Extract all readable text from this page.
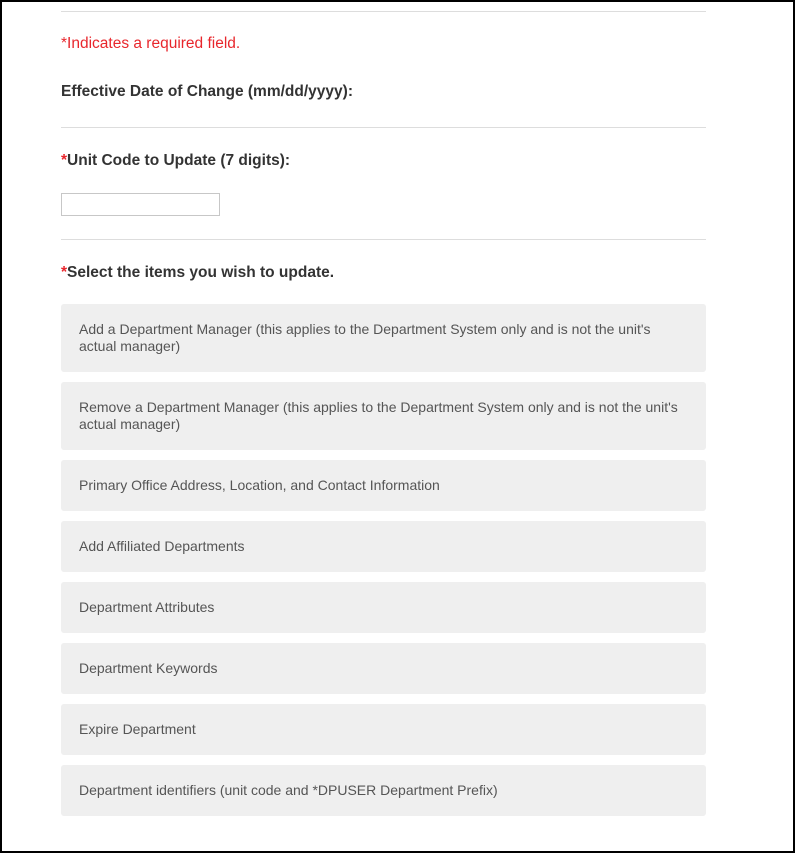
*Indicates a required field.
Effective Date of Change (mm/dd/yyyy):
*Unit Code to Update (7 digits):
*Select the items you wish to update.
Add a Department Manager (this applies to the Department System only and is not the unit's actual manager)
Remove a Department Manager (this applies to the Department System only and is not the unit's actual manager)
Primary Office Address, Location, and Contact Information
Add Affiliated Departments
Department Attributes
Department Keywords
Expire Department
Department identifiers (unit code and *DPUSER Department Prefix)
